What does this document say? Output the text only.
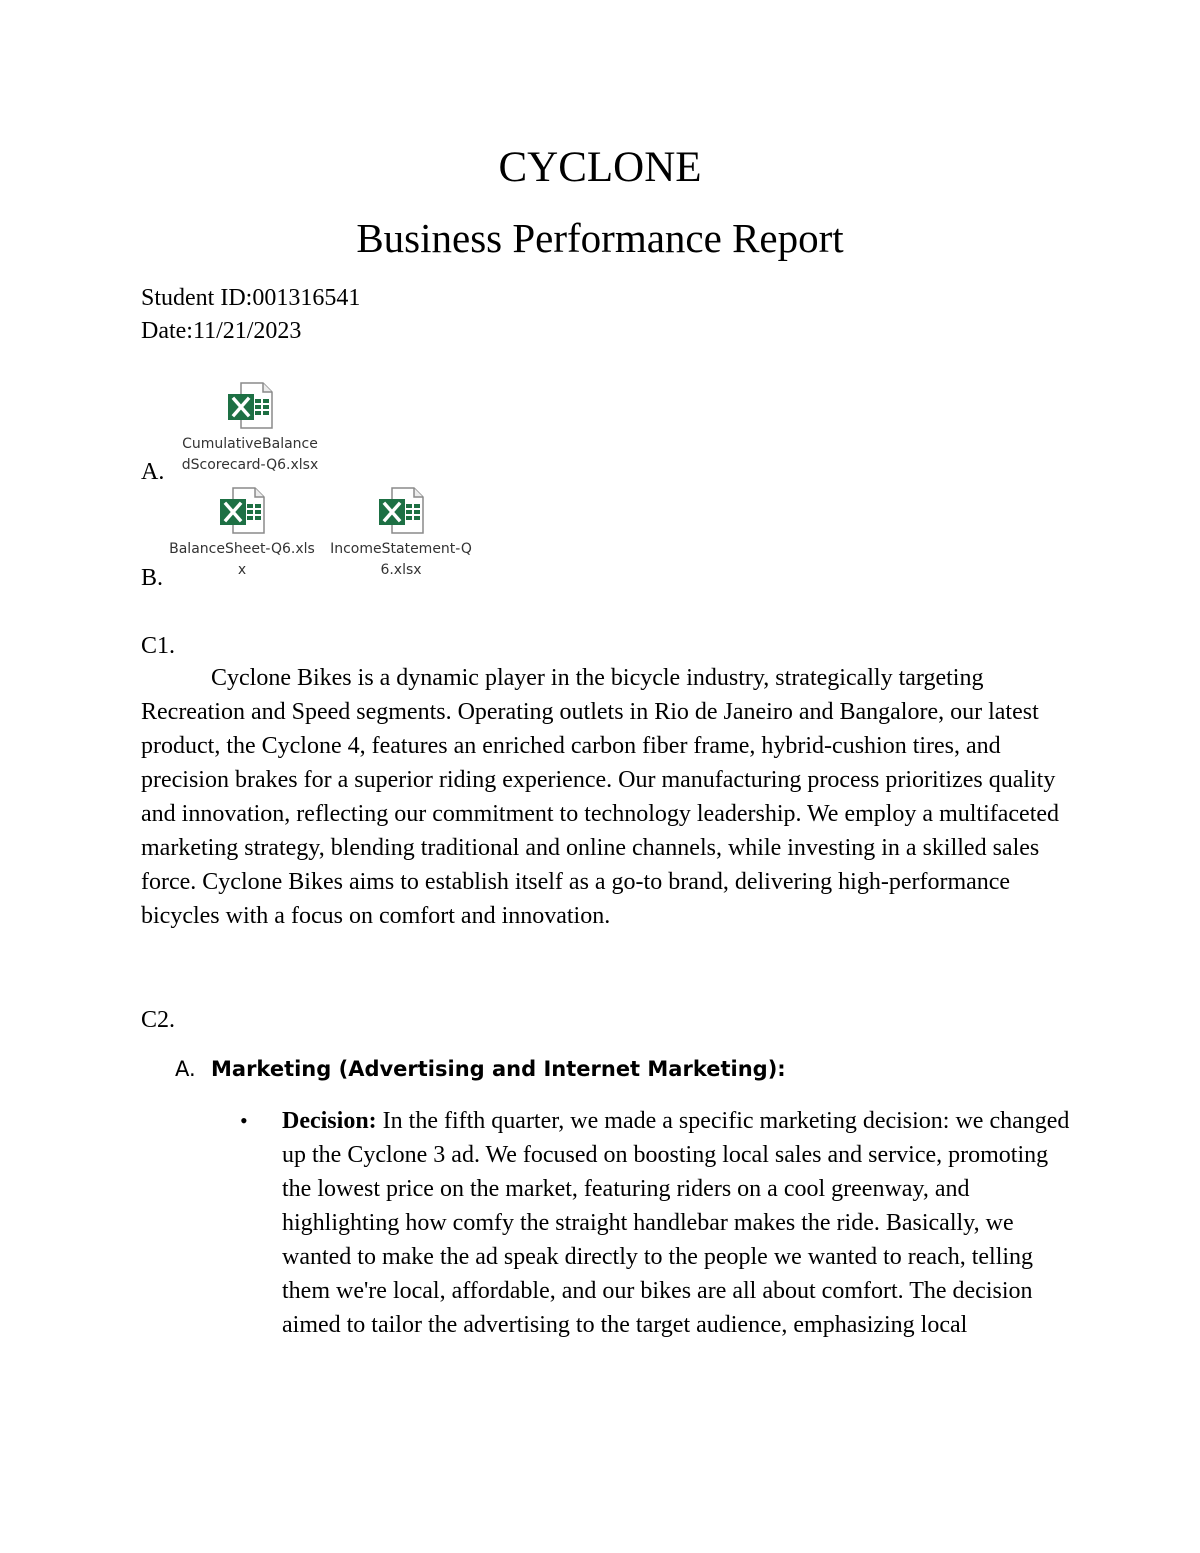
CYCLONE
Business Performance Report
Student ID:001316541
Date:11/21/2023
A.
CumulativeBalance
dScorecard-Q6.xlsx
B.
BalanceSheet-Q6.xls
x
IncomeStatement-Q
6.xlsx
C1.

Cyclone Bikes is a dynamic player in the bicycle industry, strategically targeting Recreation and Speed segments. Operating outlets in Rio de Janeiro and Bangalore, our latest product, the Cyclone 4, features an enriched carbon fiber frame, hybrid-cushion tires, and precision brakes for a superior riding experience. Our manufacturing process prioritizes quality and innovation, reflecting our commitment to technology leadership. We employ a multifaceted marketing strategy, blending traditional and online channels, while investing in a skilled sales force. Cyclone Bikes aims to establish itself as a go-to brand, delivering high-performance bicycles with a focus on comfort and innovation.

C2.
A. Marketing (Advertising and Internet Marketing):
• Decision: In the fifth quarter, we made a specific marketing decision: we changed up the Cyclone 3 ad. We focused on boosting local sales and service, promoting the lowest price on the market, featuring riders on a cool greenway, and highlighting how comfy the straight handlebar makes the ride. Basically, we wanted to make the ad speak directly to the people we wanted to reach, telling them we're local, affordable, and our bikes are all about comfort. The decision aimed to tailor the advertising to the target audience, emphasizing local
